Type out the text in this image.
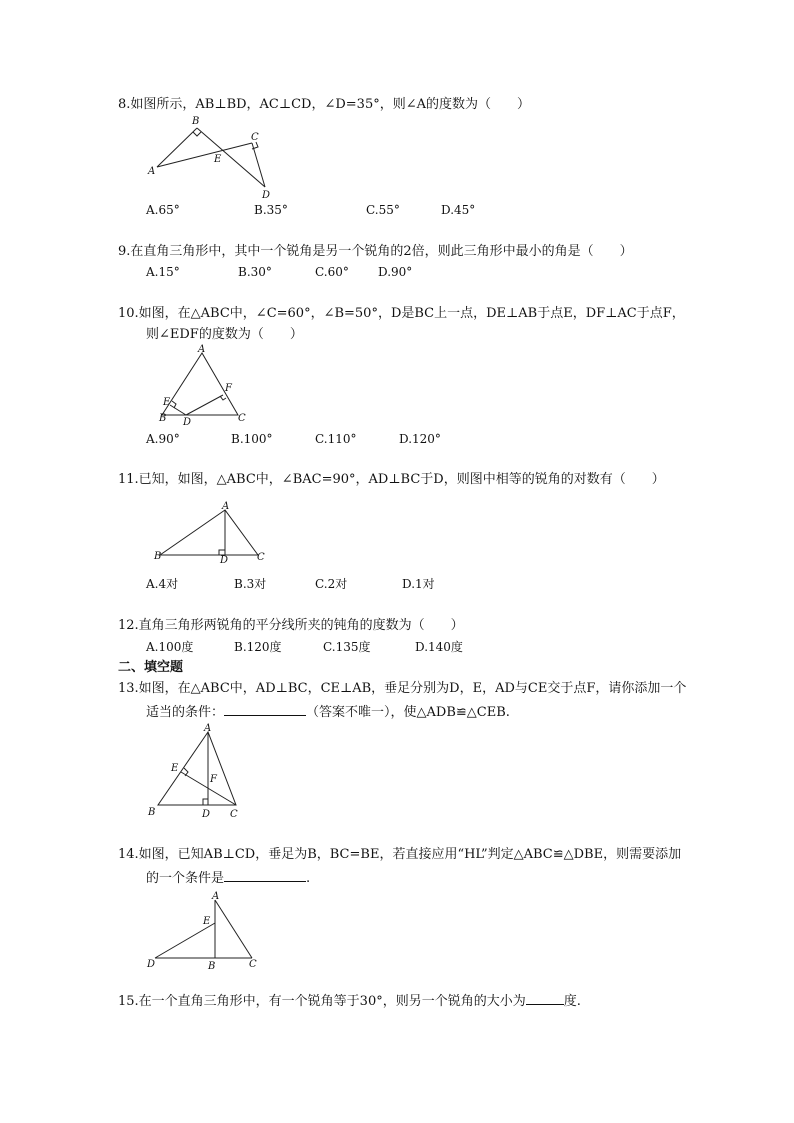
8.如图所示，AB⊥BD，AC⊥CD，∠D=35°，则∠A的度数为（　　）
B
C
A
E
D
A.65°	B.35°	C.55°	D.45°
9.在直角三角形中，其中一个锐角是另一个锐角的2倍，则此三角形中最小的角是（　　）
A.15°	B.30°	C.60° D.90°
10.如图，在△ABC中，∠C=60°，∠B=50°，D是BC上一点，DE⊥AB于点E，DF⊥AC于点F，
则∠EDF的度数为（　　）
A
F
E
B D	C
A.90°	B.100°	C.110°	D.120°
11.已知，如图，△ABC中，∠BAC=90°，AD⊥BC于D，则图中相等的锐角的对数有（　　）
A
B	D	C
A.4对	B.3对	C.2对	D.1对
12.直角三角形两锐角的平分线所夹的钝角的度数为（　　）
A.100度	B.120度	C.135度	D.140度
二、填空题
13.如图，在△ABC中，AD⊥BC，CE⊥AB，垂足分别为D，E，AD与CE交于点F，请你添加一个
适当的条件：	（答案不唯一），使△ADB≌△CEB.
A
E
F
B	D C
14.如图，已知AB⊥CD，垂足为B，BC=BE，若直接应用“HL”判定△ABC≌△DBE，则需要添加
的一个条件是	.
A
E
D	B	C
15.在一个直角三角形中，有一个锐角等于30°，则另一个锐角的大小为	度.
